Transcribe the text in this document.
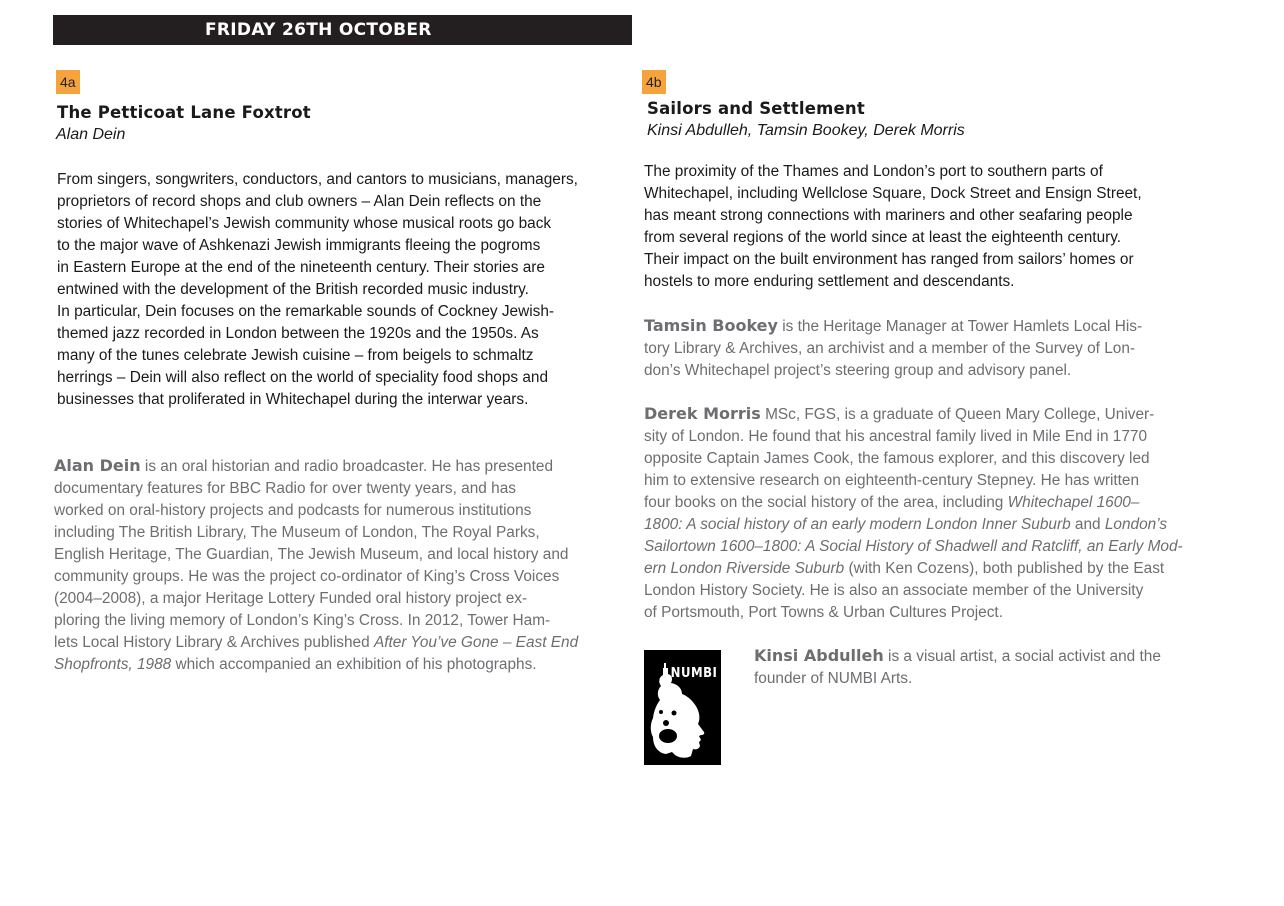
FRIDAY 26TH OCTOBER
4a
The Petticoat Lane Foxtrot
Alan Dein
From singers, songwriters, conductors, and cantors to musicians, managers,
proprietors of record shops and club owners – Alan Dein reflects on the
stories of Whitechapel’s Jewish community whose musical roots go back
to the major wave of Ashkenazi Jewish immigrants fleeing the pogroms
in Eastern Europe at the end of the nineteenth century. Their stories are
entwined with the development of the British recorded music industry.
In particular, Dein focuses on the remarkable sounds of Cockney Jewish-
themed jazz recorded in London between the 1920s and the 1950s. As
many of the tunes celebrate Jewish cuisine – from beigels to schmaltz
herrings – Dein will also reflect on the world of speciality food shops and
businesses that proliferated in Whitechapel during the interwar years.
Alan Dein is an oral historian and radio broadcaster. He has presented
documentary features for BBC Radio for over twenty years, and has
worked on oral-history projects and podcasts for numerous institutions
including The British Library, The Museum of London, The Royal Parks,
English Heritage, The Guardian, The Jewish Museum, and local history and
community groups. He was the project co-ordinator of King’s Cross Voices
(2004–2008), a major Heritage Lottery Funded oral history project ex-
ploring the living memory of London’s King’s Cross. In 2012, Tower Ham-
lets Local History Library & Archives published After You’ve Gone – East End
Shopfronts, 1988 which accompanied an exhibition of his photographs.
4b
Sailors and Settlement
Kinsi Abdulleh, Tamsin Bookey, Derek Morris
The proximity of the Thames and London’s port to southern parts of
Whitechapel, including Wellclose Square, Dock Street and Ensign Street,
has meant strong connections with mariners and other seafaring people
from several regions of the world since at least the eighteenth century.
Their impact on the built environment has ranged from sailors’ homes or
hostels to more enduring settlement and descendants.
Tamsin Bookey is the Heritage Manager at Tower Hamlets Local His-
tory Library & Archives, an archivist and a member of the Survey of Lon-
don’s Whitechapel project’s steering group and advisory panel.
Derek Morris MSc, FGS, is a graduate of Queen Mary College, Univer-
sity of London. He found that his ancestral family lived in Mile End in 1770
opposite Captain James Cook, the famous explorer, and this discovery led
him to extensive research on eighteenth-century Stepney. He has written
four books on the social history of the area, including Whitechapel 1600–
1800: A social history of an early modern London Inner Suburb and London’s
Sailortown 1600–1800: A Social History of Shadwell and Ratcliff, an Early Mod-
ern London Riverside Suburb (with Ken Cozens), both published by the East
London History Society. He is also an associate member of the University
of Portsmouth, Port Towns & Urban Cultures Project.
NUMBI
Kinsi Abdulleh is a visual artist, a social activist and the
founder of NUMBI Arts.
